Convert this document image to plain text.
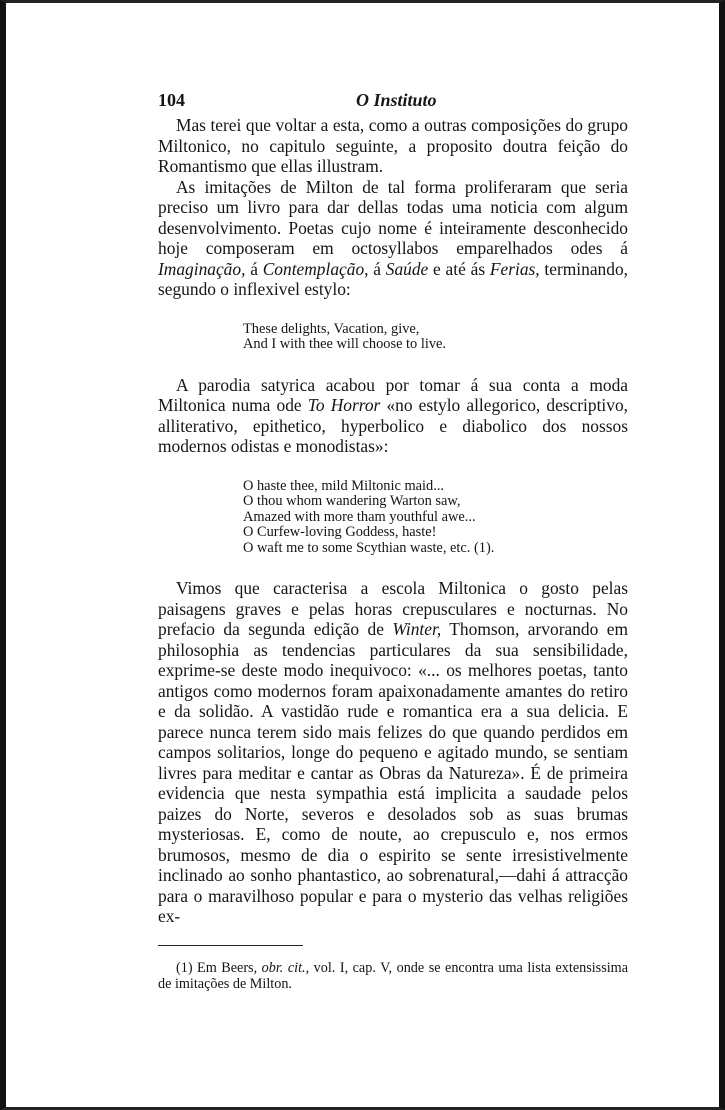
104	O Instituto

Mas terei que voltar a esta, como a outras composições do grupo Miltonico, no capitulo seguinte, a proposito doutra feição do Romantismo que ellas illustram.

As imitações de Milton de tal forma proliferaram que seria preciso um livro para dar dellas todas uma noticia com algum desenvolvimento. Poetas cujo nome é inteiramente desconhecido hoje composeram em octosyllabos emparelhados odes á Imaginação, á Contemplação, á Saúde e até ás Ferias, terminando, segundo o inflexivel estylo:

These delights, Vacation, give,
And I with thee will choose to live.

A parodia satyrica acabou por tomar á sua conta a moda Miltonica numa ode To Horror «no estylo allegorico, descriptivo, alliterativo, epithetico, hyperbolico e diabolico dos nossos modernos odistas e monodistas»:

O haste thee, mild Miltonic maid...
O thou whom wandering Warton saw,
Amazed with more tham youthful awe...
O Curfew-loving Goddess, haste!
O waft me to some Scythian waste, etc. (1).

Vimos que caracterisa a escola Miltonica o gosto pelas paisagens graves e pelas horas crepusculares e nocturnas. No prefacio da segunda edição de Winter, Thomson, arvorando em philosophia as tendencias particulares da sua sensibilidade, exprime-se deste modo inequivoco: «... os melhores poetas, tanto antigos como modernos foram apaixonadamente amantes do retiro e da solidão. A vastidão rude e romantica era a sua delicia. E parece nunca terem sido mais felizes do que quando perdidos em campos solitarios, longe do pequeno e agitado mundo, se sentiam livres para meditar e cantar as Obras da Natureza». É de primeira evidencia que nesta sympathia está implicita a saudade pelos paizes do Norte, severos e desolados sob as suas brumas mysteriosas. E, como de noute, ao crepusculo e, nos ermos brumosos, mesmo de dia o espirito se sente irresistivelmente inclinado ao sonho phantastico, ao sobrenatural,—dahi á attracção para o maravilhoso popular e para o mysterio das velhas religiões ex-

(1) Em Beers, obr. cit., vol. I, cap. V, onde se encontra uma lista extensissima de imitações de Milton.
